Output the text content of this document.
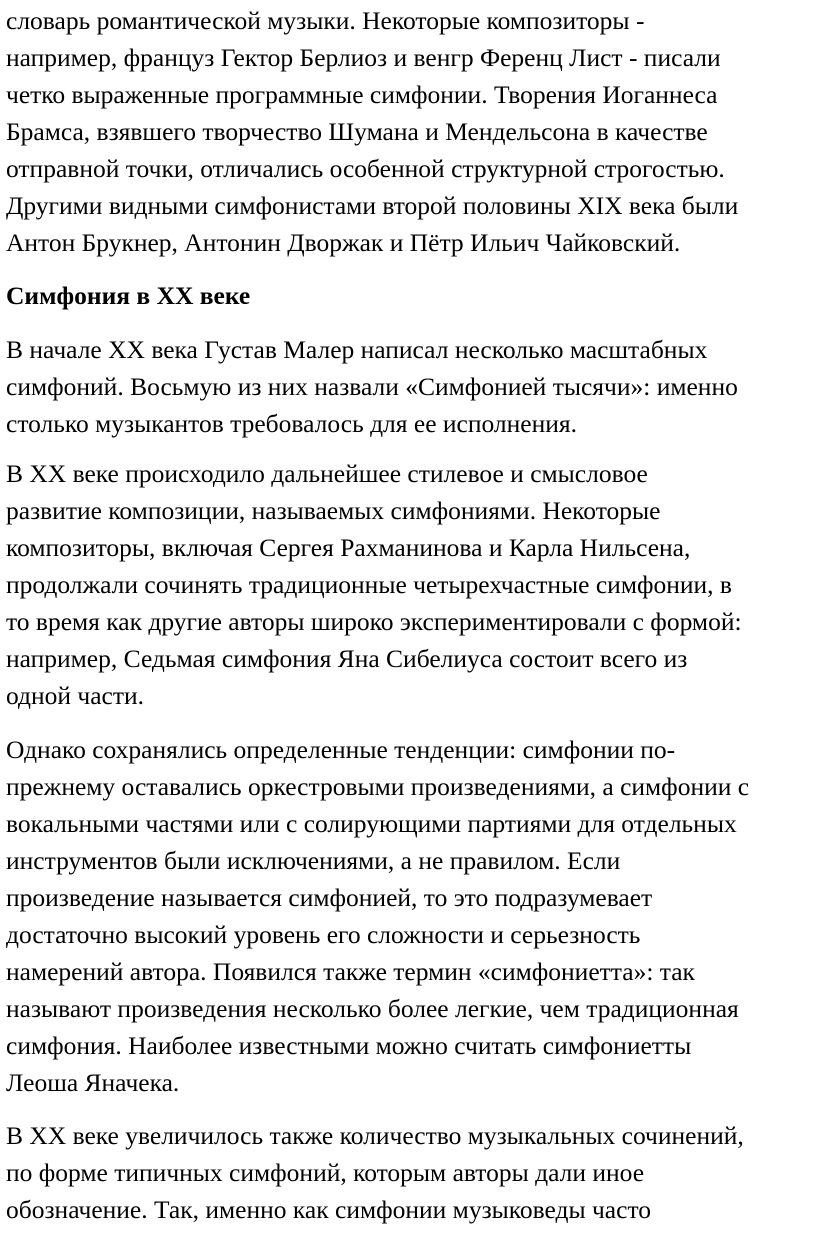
словарь романтической музыки. Некоторые композиторы -
например, француз Гектор Берлиоз и венгр Ференц Лист - писали
четко выраженные программные симфонии. Творения Иоганнеса
Брамса, взявшего творчество Шумана и Мендельсона в качестве
отправной точки, отличались особенной структурной строгостью.
Другими видными симфонистами второй половины XIX века были
Антон Брукнер, Антонин Дворжак и Пётр Ильич Чайковский.

Симфония в XX веке

В начале XX века Густав Малер написал несколько масштабных
симфоний. Восьмую из них назвали «Симфонией тысячи»: именно
столько музыкантов требовалось для ее исполнения.

В XX веке происходило дальнейшее стилевое и смысловое
развитие композиции, называемых симфониями. Некоторые
композиторы, включая Сергея Рахманинова и Карла Нильсена,
продолжали сочинять традиционные четырехчастные симфонии, в
то время как другие авторы широко экспериментировали с формой:
например, Седьмая симфония Яна Сибелиуса состоит всего из
одной части.

Однако сохранялись определенные тенденции: симфонии по-
прежнему оставались оркестровыми произведениями, а симфонии с
вокальными частями или с солирующими партиями для отдельных
инструментов были исключениями, а не правилом. Если
произведение называется симфонией, то это подразумевает
достаточно высокий уровень его сложности и серьезность
намерений автора. Появился также термин «симфониетта»: так
называют произведения несколько более легкие, чем традиционная
симфония. Наиболее известными можно считать симфониетты
Леоша Яначека.

В XX веке увеличилось также количество музыкальных сочинений,
по форме типичных симфоний, которым авторы дали иное
обозначение. Так, именно как симфонии музыковеды часто
